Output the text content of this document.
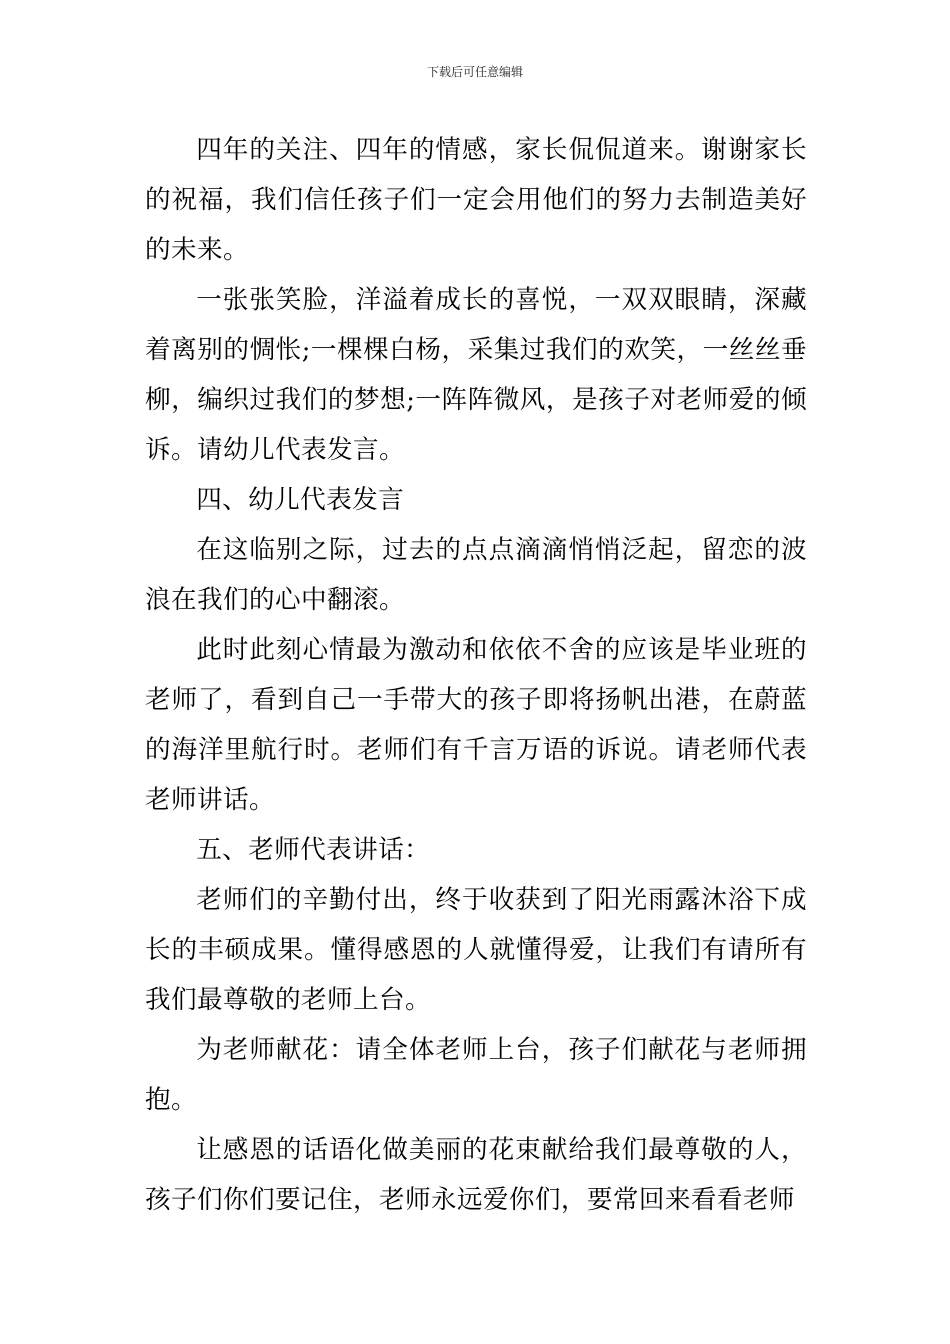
下载后可任意编辑

四年的关注、四年的情感，家长侃侃道来。谢谢家长的祝福，我们信任孩子们一定会用他们的努力去制造美好的未来。

一张张笑脸，洋溢着成长的喜悦，一双双眼睛，深藏着离别的惆怅;一棵棵白杨，采集过我们的欢笑，一丝丝垂柳，编织过我们的梦想;一阵阵微风，是孩子对老师爱的倾诉。请幼儿代表发言。

四、幼儿代表发言

在这临别之际，过去的点点滴滴悄悄泛起，留恋的波浪在我们的心中翻滚。

此时此刻心情最为激动和依依不舍的应该是毕业班的老师了，看到自己一手带大的孩子即将扬帆出港，在蔚蓝的海洋里航行时。老师们有千言万语的诉说。请老师代表老师讲话。

五、老师代表讲话：

老师们的辛勤付出，终于收获到了阳光雨露沐浴下成长的丰硕成果。懂得感恩的人就懂得爱，让我们有请所有我们最尊敬的老师上台。

为老师献花：请全体老师上台，孩子们献花与老师拥抱。

让感恩的话语化做美丽的花束献给我们最尊敬的人，孩子们你们要记住，老师永远爱你们，要常回来看看老师
